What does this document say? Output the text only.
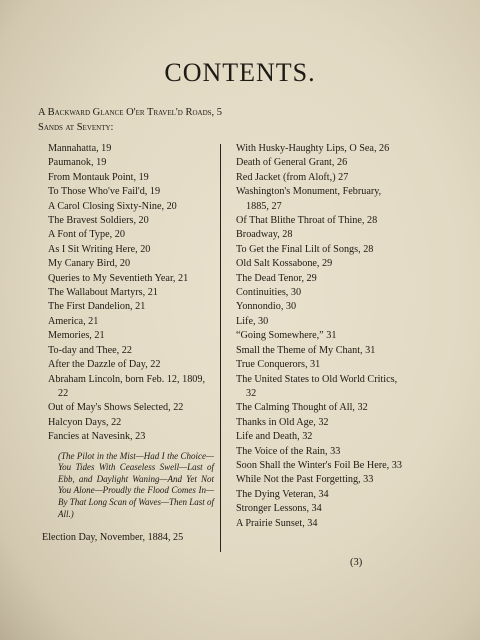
CONTENTS.
A Backward Glance O'er Travel'd Roads, 5
Sands at Seventy:
Mannahatta, 19
Paumanok, 19
From Montauk Point, 19
To Those Who've Fail'd, 19
A Carol Closing Sixty-Nine, 20
The Bravest Soldiers, 20
A Font of Type, 20
As I Sit Writing Here, 20
My Canary Bird, 20
Queries to My Seventieth Year, 21
The Wallabout Martyrs, 21
The First Dandelion, 21
America, 21
Memories, 21
To-day and Thee, 22
After the Dazzle of Day, 22
Abraham Lincoln, born Feb. 12, 1809, 22
Out of May's Shows Selected, 22
Halcyon Days, 22
Fancies at Navesink, 23
(The Pilot in the Mist—Had I the Choice—You Tides With Ceaseless Swell—Last of Ebb, and Daylight Waning—And Yet Not You Alone—Proudly the Flood Comes In—By That Long Scan of Waves—Then Last of All.)
With Husky-Haughty Lips, O Sea, 26
Death of General Grant, 26
Red Jacket (from Aloft,) 27
Washington's Monument, February, 1885, 27
Of That Blithe Throat of Thine, 28
Broadway, 28
To Get the Final Lilt of Songs, 28
Old Salt Kossabone, 29
The Dead Tenor, 29
Continuities, 30
Yonnondio, 30
Life, 30
“Going Somewhere,” 31
Small the Theme of My Chant, 31
True Conquerors, 31
The United States to Old World Critics, 32
The Calming Thought of All, 32
Thanks in Old Age, 32
Life and Death, 32
The Voice of the Rain, 33
Soon Shall the Winter's Foil Be Here, 33
While Not the Past Forgetting, 33
The Dying Veteran, 34
Stronger Lessons, 34
A Prairie Sunset, 34
Election Day, November, 1884, 25
(3)
